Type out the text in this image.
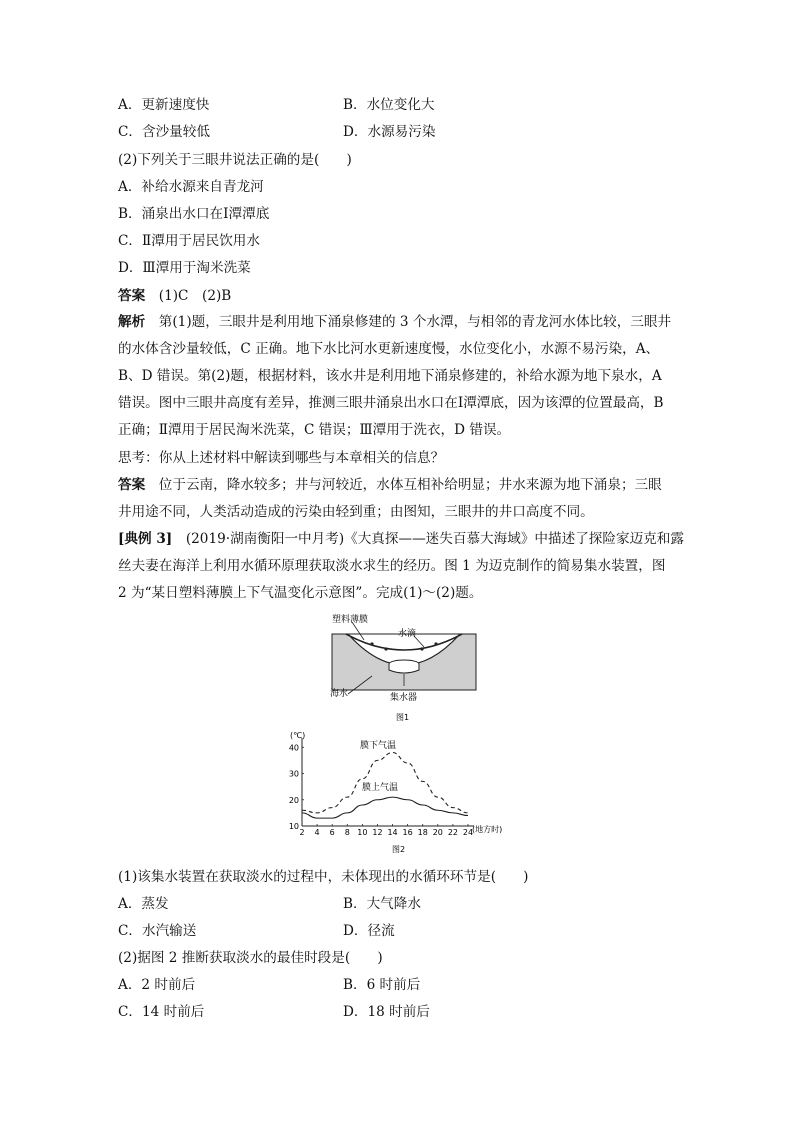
A．更新速度快	B．水位变化大
C．含沙量较低	D．水源易污染
(2)下列关于三眼井说法正确的是(　　)
A．补给水源来自青龙河
B．涌泉出水口在Ⅰ潭潭底
C．Ⅱ潭用于居民饮用水
D．Ⅲ潭用于淘米洗菜
答案　 (1)C　(2)B
解析　 第(1)题，三眼井是利用地下涌泉修建的 3 个水潭，与相邻的青龙河水体比较，三眼井
的水体含沙量较低，C 正确。地下水比河水更新速度慢，水位变化小，水源不易污染，A、
B、D 错误。第(2)题，根据材料，该水井是利用地下涌泉修建的，补给水源为地下泉水，A
错误。图中三眼井高度有差异，推测三眼井涌泉出水口在Ⅰ潭潭底，因为该潭的位置最高，B
正确；Ⅱ潭用于居民淘米洗菜，C 错误；Ⅲ潭用于洗衣，D 错误。
思考：你从上述材料中解读到哪些与本章相关的信息？
答案　 位于云南，降水较多；井与河较近，水体互相补给明显；井水来源为地下涌泉；三眼
井用途不同，人类活动造成的污染由轻到重；由图知，三眼井的井口高度不同。
[典例 3]　 (2019·湖南衡阳一中月考)《大真探——迷失百慕大海域》中描述了探险家迈克和露
丝夫妻在海洋上利用水循环原理获取淡水求生的经历。图 1 为迈克制作的简易集水装置，图
2 为“某日塑料薄膜上下气温变化示意图”。完成(1)～(2)题。
塑料薄膜
水滴
海水	集水器
图1
2 4 6 8 10 12 14 16 18 20 22 24
10
20
30
40
(℃)
(地方时)
膜下气温
膜上气温
图2
(1)该集水装置在获取淡水的过程中，未体现出的水循环环节是(　　)
A．蒸发	B．大气降水
C．水汽输送	D．径流
(2)据图 2 推断获取淡水的最佳时段是(　　)
A．2 时前后	B．6 时前后
C．14 时前后	D．18 时前后
